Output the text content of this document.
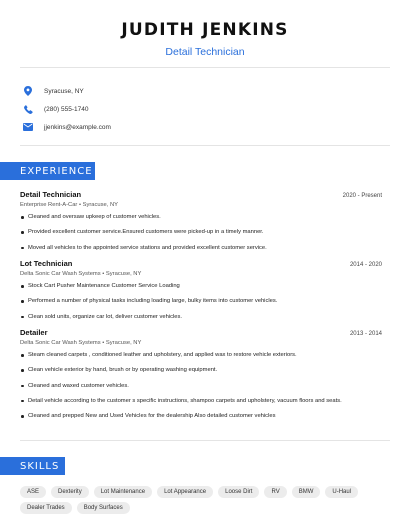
JUDITH JENKINS
Detail Technician
Syracuse, NY
(280) 555-1740
jjenkins@example.com
EXPERIENCE
Detail Technician	2020 - Present
Enterprise Rent-A-Car • Syracuse, NY
Cleaned and oversaw upkeep of customer vehicles.
Provided excellent customer service.Ensured customers were picked-up in a timely manner.
Moved all vehicles to the appointed service stations and provided excellent customer service.
Lot Technician	2014 - 2020
Delta Sonic Car Wash Systems • Syracuse, NY
Stock Cart Pusher Maintenance Customer Service Loading
Performed a number of physical tasks including loading large, bulky items into customer vehicles.
Clean sold units, organize car lot, deliver customer vehicles.
Detailer	2013 - 2014
Delta Sonic Car Wash Systems • Syracuse, NY
Steam cleaned carpets , conditioned leather and upholstery, and applied wax to restore vehicle exteriors.
Clean vehicle exterior by hand, brush or by operating washing equipment.
Cleaned and waxed customer vehicles.
Detail vehicle according to the customer s specific instructions, shampoo carpets and upholstery, vacuum floors and seats.
Cleaned and prepped New and Used Vehicles for the dealership Also detailed customer vehicles
SKILLS
ASE	Dexterity	Lot Maintenance	Lot Appearance	Loose Dirt	RV	BMW	U-Haul
Dealer Trades	Body Surfaces
